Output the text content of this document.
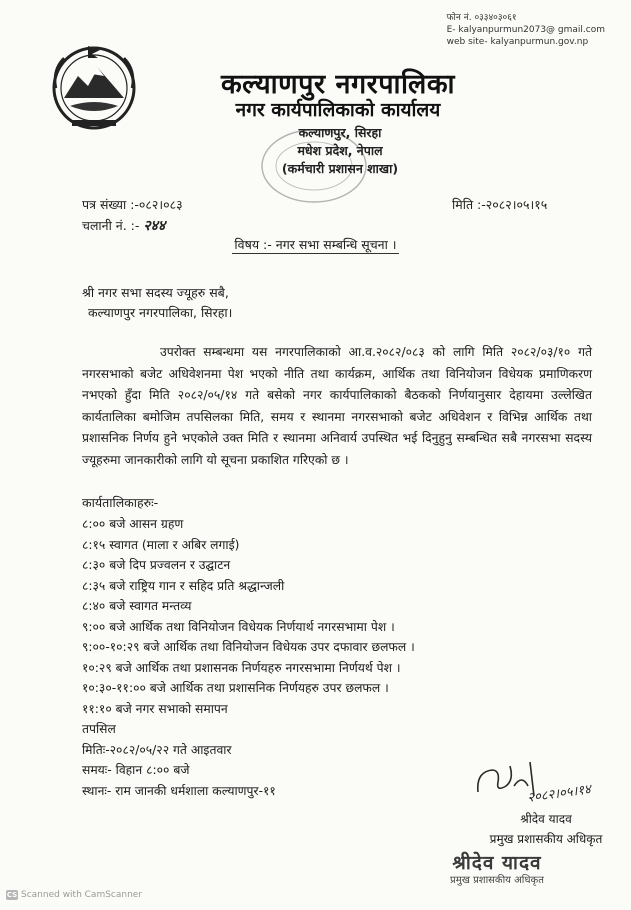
फोन नं. ०३३४०३०६१
E- kalyanpurmun2073@ gmail.com
web site- kalyanpurmun.gov.np
कल्याणपुर नगरपालिका
नगर कार्यपालिकाको कार्यालय
कल्याणपुर, सिरहा
मधेश प्रदेश, नेपाल
(कर्मचारी प्रशासन शाखा)
पत्र संख्या :-०८२।०८३
चलानी नं. :- २४४
मिति :-२०८२।०५।१५
विषय :- नगर सभा सम्बन्धि सूचना ।
श्री नगर सभा सदस्य ज्यूहरु सबै,
कल्याणपुर नगरपालिका, सिरहा।
उपरोक्त सम्बन्धमा यस नगरपालिकाको आ.व.२०८२/०८३ को लागि मिति २०८२/०३/१० गते नगरसभाको बजेट अधिवेशनमा पेश भएको नीति तथा कार्यक्रम, आर्थिक तथा विनियोजन विधेयक प्रमाणिकरण नभएको हुँदा मिति २०८२/०५/१४ गते बसेको नगर कार्यपालिकाको बैठकको निर्णयानुसार देहायमा उल्लेखित कार्यतालिका बमोजिम तपसिलका मिति, समय र स्थानमा नगरसभाको बजेट अधिवेशन र विभिन्न आर्थिक तथा प्रशासनिक निर्णय हुने भएकोले उक्त मिति र स्थानमा अनिवार्य उपस्थित भई दिनुहुनु सम्बन्धित सबै नगरसभा सदस्य ज्यूहरुमा जानकारीको लागि यो सूचना प्रकाशित गरिएको छ ।
कार्यतालिकाहरुः-
८:०० बजे आसन ग्रहण
८:१५ स्वागत (माला र अबिर लगाई)
८:३० बजे दिप प्रज्वलन र उद्घाटन
८:३५ बजे राष्ट्रिय गान र सहिद प्रति श्रद्धान्जली
८:४० बजे स्वागत मन्तव्य
९:०० बजे आर्थिक तथा विनियोजन विधेयक निर्णयार्थ नगरसभामा पेश ।
९:००-१०:२९ बजे आर्थिक तथा विनियोजन विधेयक उपर दफावार छलफल ।
१०:२९ बजे आर्थिक तथा प्रशासनक निर्णयहरु नगरसभामा निर्णयर्थ पेश ।
१०:३०-११:०० बजे आर्थिक तथा प्रशासनिक निर्णयहरु उपर छलफल ।
११:१० बजे नगर सभाको समापन
तपसिल
मितिः-२०८२/०५/२२ गते आइतवार
समयः- विहान ८:०० बजे
स्थानः- राम जानकी धर्मशाला कल्याणपुर-११	२०८२।०५।१४
श्रीदेव यादव
प्रमुख प्रशासकीय अधिकृत
श्रीदेव यादव
प्रमुख प्रशासकीय अधिकृत
CS Scanned with CamScanner
